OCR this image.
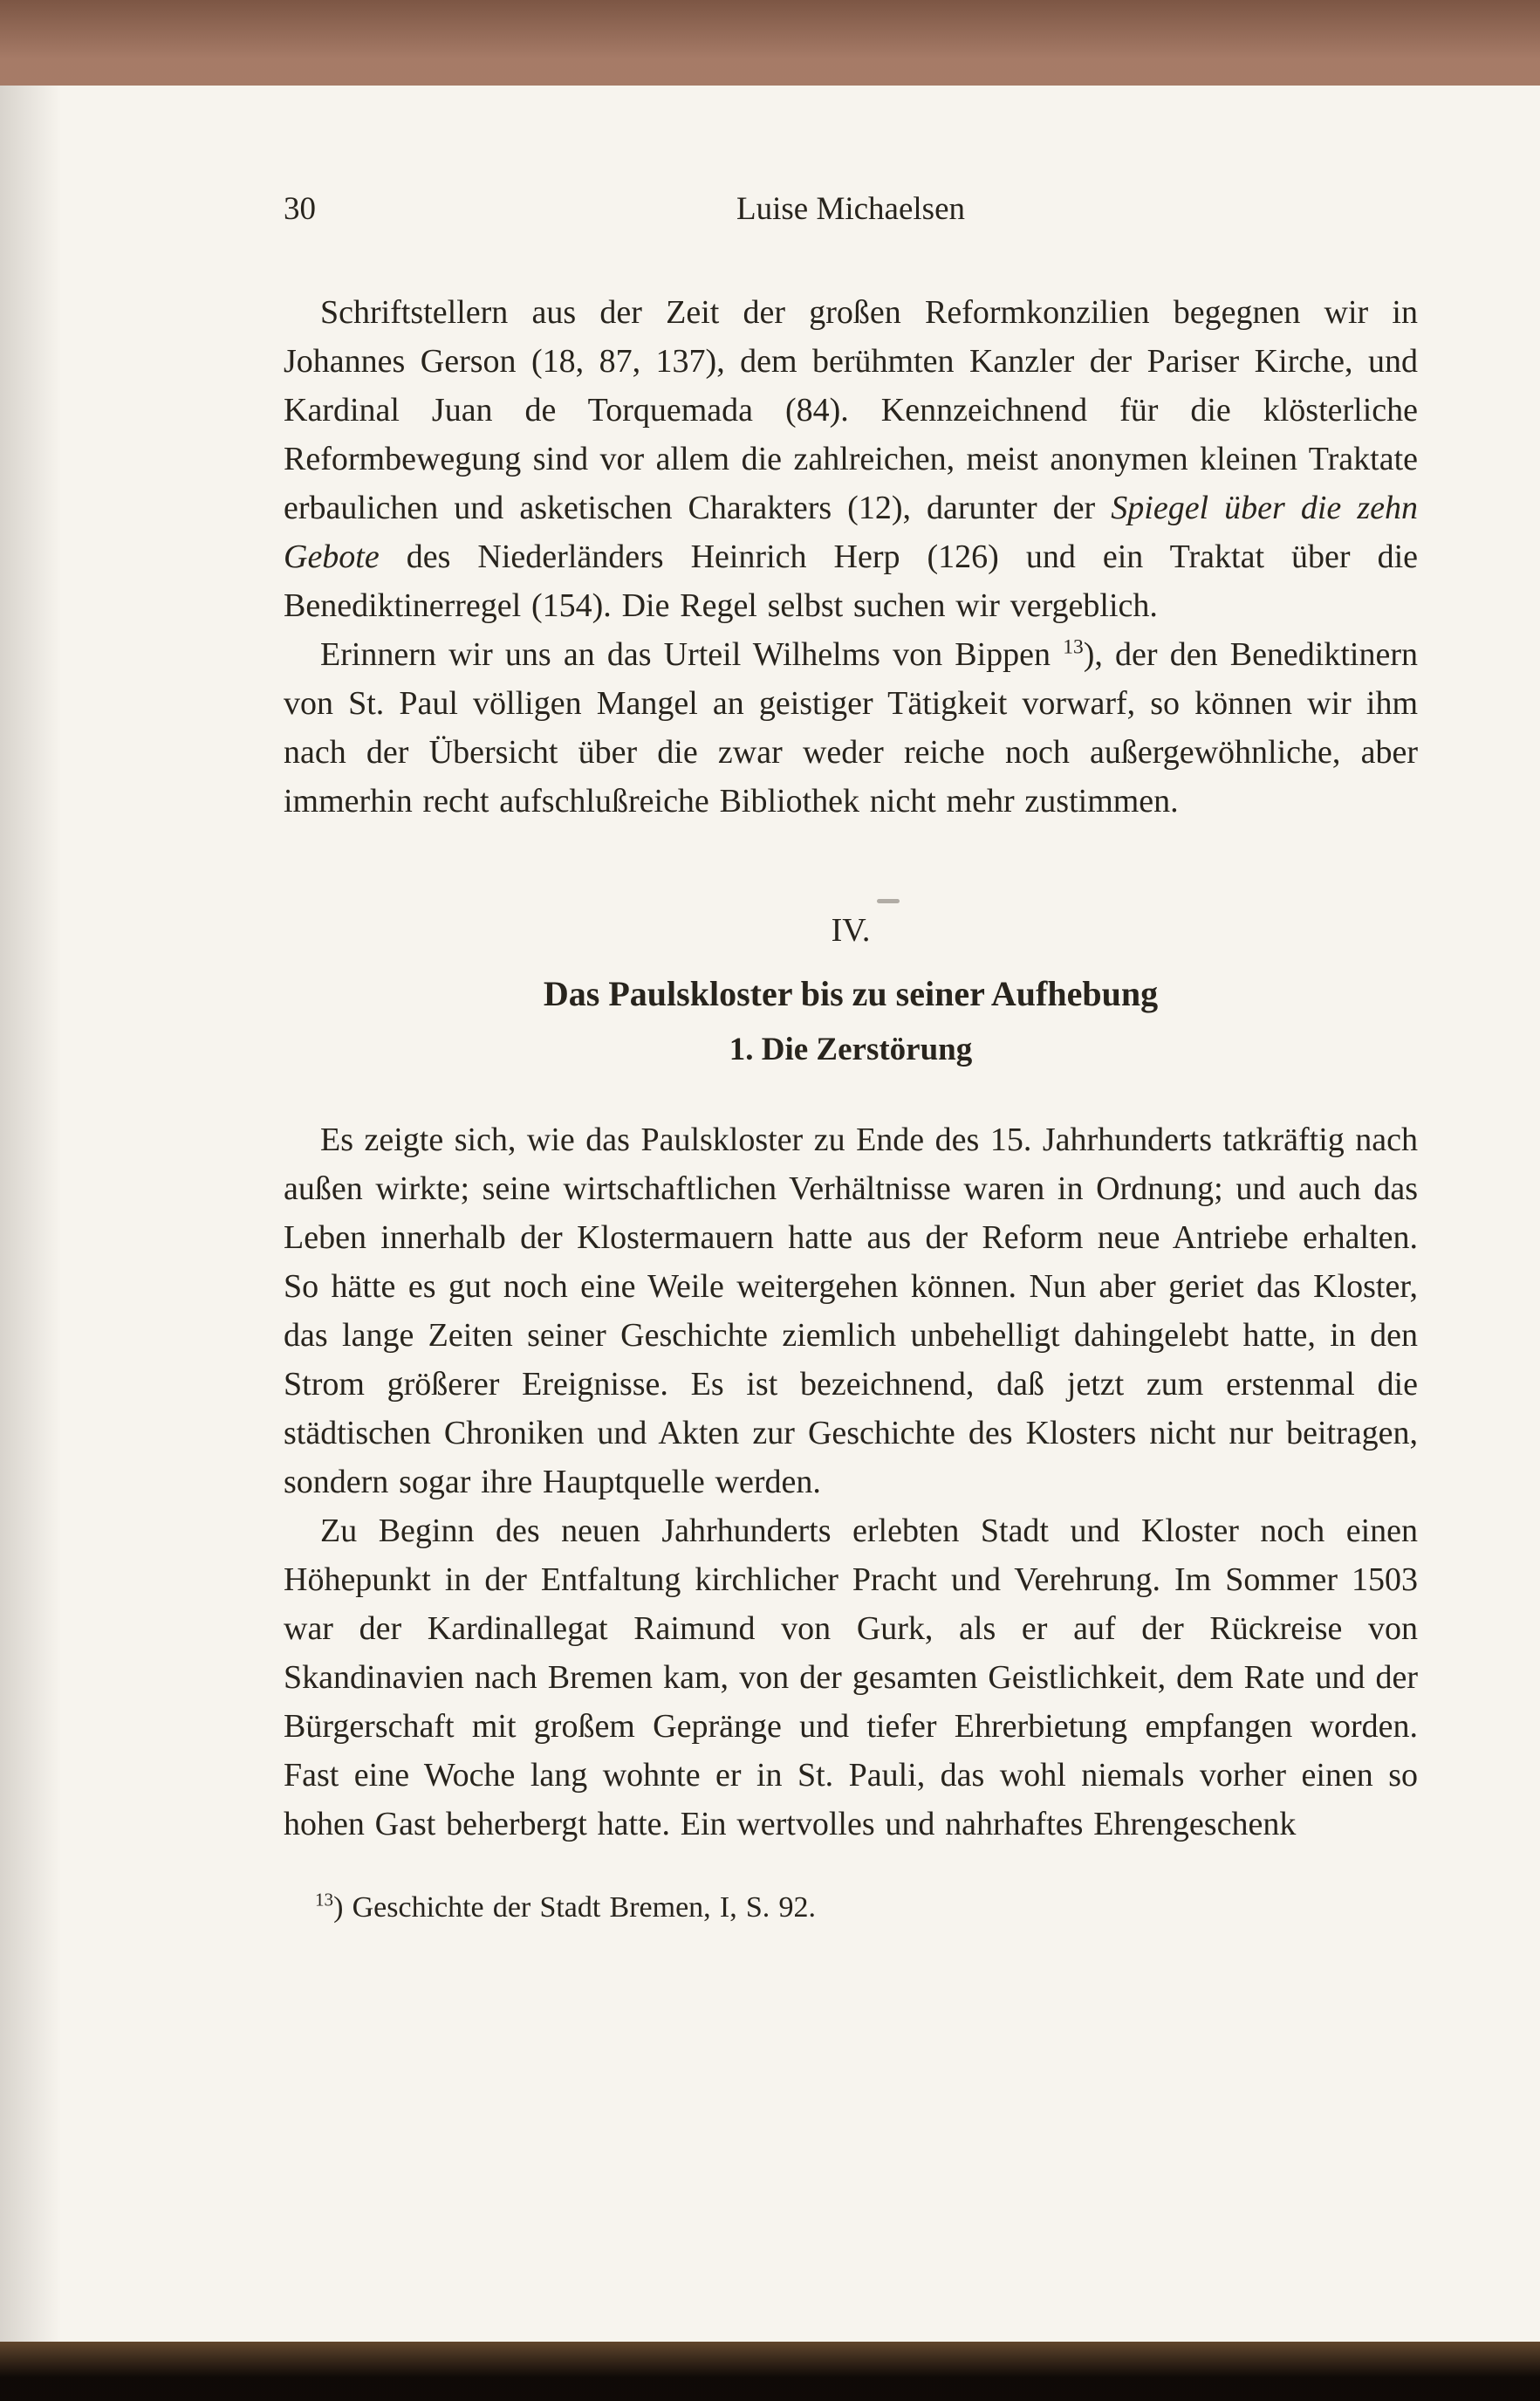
30	Luise Michaelsen

Schriftstellern aus der Zeit der großen Reformkonzilien begegnen wir in Johannes Gerson (18, 87, 137), dem berühmten Kanzler der Pariser Kirche, und Kardinal Juan de Torquemada (84). Kennzeichnend für die klösterliche Reformbewegung sind vor allem die zahlreichen, meist anonymen kleinen Traktate erbaulichen und asketischen Charakters (12), darunter der Spiegel über die zehn Gebote des Niederländers Heinrich Herp (126) und ein Traktat über die Benediktinerregel (154). Die Regel selbst suchen wir vergeblich.

Erinnern wir uns an das Urteil Wilhelms von Bippen $^{13}$), der den Benediktinern von St. Paul völligen Mangel an geistiger Tätigkeit vorwarf, so können wir ihm nach der Übersicht über die zwar weder reiche noch außergewöhnliche, aber immerhin recht aufschlußreiche Bibliothek nicht mehr zustimmen.

IV.
Das Paulskloster bis zu seiner Aufhebung
1. Die Zerstörung

Es zeigte sich, wie das Paulskloster zu Ende des 15. Jahrhunderts tatkräftig nach außen wirkte; seine wirtschaftlichen Verhältnisse waren in Ordnung; und auch das Leben innerhalb der Klostermauern hatte aus der Reform neue Antriebe erhalten. So hätte es gut noch eine Weile weitergehen können. Nun aber geriet das Kloster, das lange Zeiten seiner Geschichte ziemlich unbehelligt dahingelebt hatte, in den Strom größerer Ereignisse. Es ist bezeichnend, daß jetzt zum erstenmal die städtischen Chroniken und Akten zur Geschichte des Klosters nicht nur beitragen, sondern sogar ihre Hauptquelle werden.

Zu Beginn des neuen Jahrhunderts erlebten Stadt und Kloster noch einen Höhepunkt in der Entfaltung kirchlicher Pracht und Verehrung. Im Sommer 1503 war der Kardinallegat Raimund von Gurk, als er auf der Rückreise von Skandinavien nach Bremen kam, von der gesamten Geistlichkeit, dem Rate und der Bürgerschaft mit großem Gepränge und tiefer Ehrerbietung empfangen worden. Fast eine Woche lang wohnte er in St. Pauli, das wohl niemals vorher einen so hohen Gast beherbergt hatte. Ein wertvolles und nahrhaftes Ehrengeschenk

$^{13}$) Geschichte der Stadt Bremen, I, S. 92.
